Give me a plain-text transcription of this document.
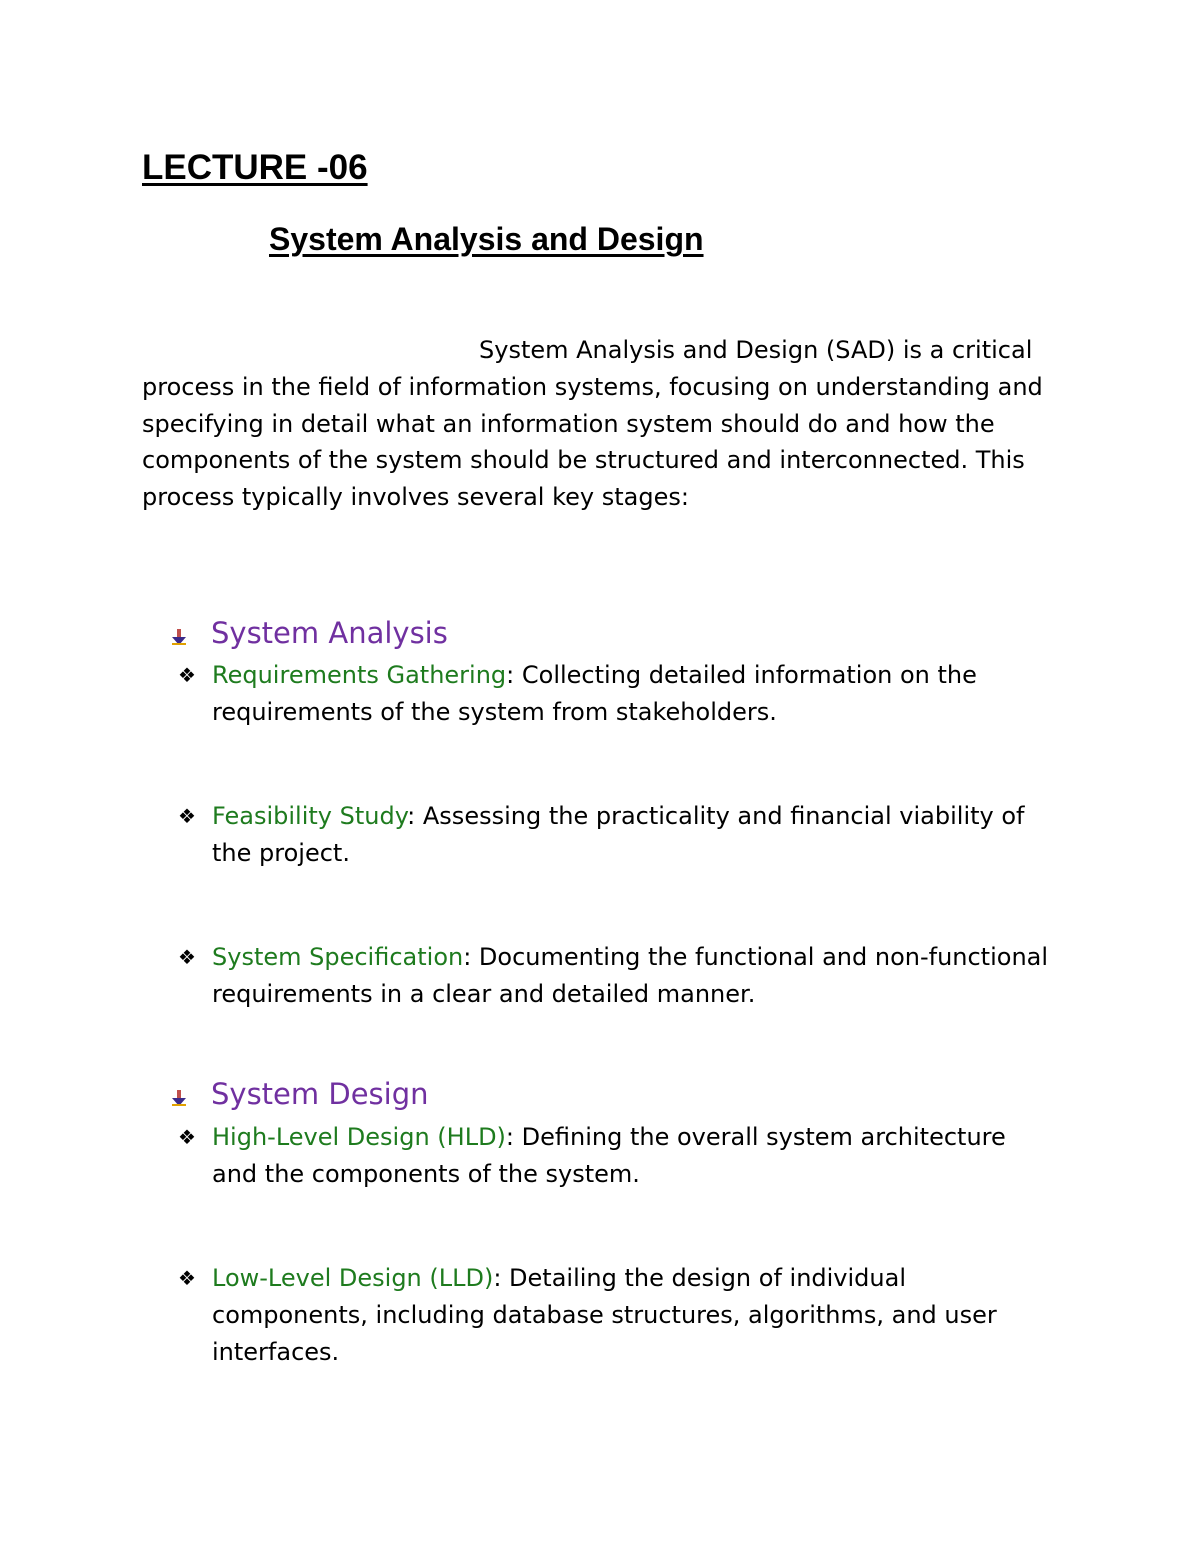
LECTURE -06
System Analysis and Design

System Analysis and Design (SAD) is a critical process in the field of information systems, focusing on understanding and specifying in detail what an information system should do and how the components of the system should be structured and interconnected. This process typically involves several key stages:

System Analysis
❖ Requirements Gathering: Collecting detailed information on the requirements of the system from stakeholders.
❖ Feasibility Study: Assessing the practicality and financial viability of the project.
❖ System Specification: Documenting the functional and non-functional requirements in a clear and detailed manner.
System Design
❖ High-Level Design (HLD): Defining the overall system architecture and the components of the system.
❖ Low-Level Design (LLD): Detailing the design of individual components, including database structures, algorithms, and user interfaces.
